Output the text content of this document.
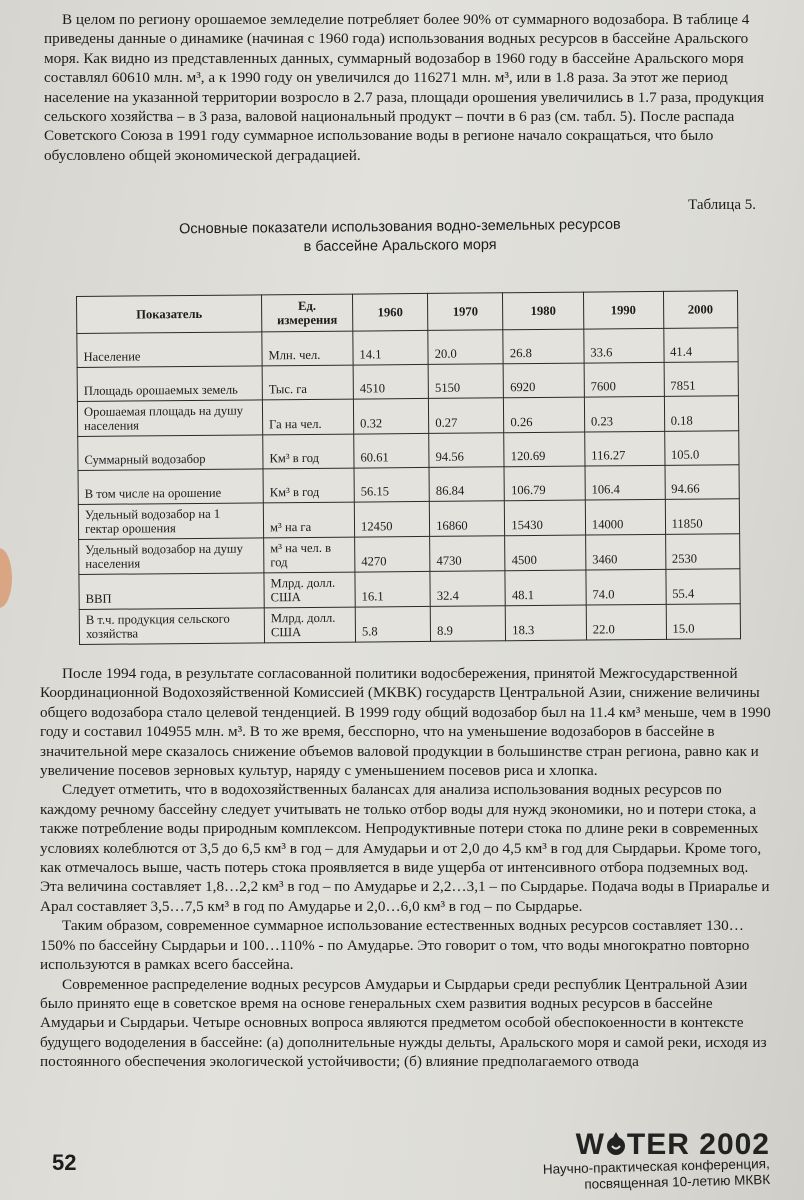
В целом по региону орошаемое земледелие потребляет более 90% от суммарного водозабора. В таблице 4 приведены данные о динамике (начиная с 1960 года) использования водных ресурсов в бассейне Аральского моря. Как видно из представленных данных, суммарный водозабор в 1960 году в бассейне Аральского моря составлял 60610 млн. м³, а к 1990 году он увеличился до 116271 млн. м³, или в 1.8 раза. За этот же период население на указанной территории возросло в 2.7 раза, площади орошения увеличились в 1.7 раза, продукция сельского хозяйства – в 3 раза, валовой национальный продукт – почти в 6 раз (см. табл. 5). После распада Советского Союза в 1991 году суммарное использование воды в регионе начало сокращаться, что было обусловлено общей экономической деградацией.

Таблица 5.
Основные показатели использования водно-земельных ресурсов
в бассейне Аральского моря
Показатель	Ед. измерения	1960	1970	1980	1990	2000
Население	Млн. чел.	14.1	20.0	26.8	33.6	41.4
Площадь орошаемых земель	Тыс. га	4510	5150	6920	7600	7851
Орошаемая площадь на душу населения	Га на чел.	0.32	0.27	0.26	0.23	0.18
Суммарный водозабор	Км³ в год	60.61	94.56	120.69	116.27	105.0
В том числе на орошение	Км³ в год	56.15	86.84	106.79	106.4	94.66
Удельный водозабор на 1 гектар орошения	м³ на га	12450	16860	15430	14000	11850
Удельный водозабор на душу населения	м³ на чел. в год	4270	4730	4500	3460	2530
ВВП	Млрд. долл. США	16.1	32.4	48.1	74.0	55.4
В т.ч. продукция сельского хозяйства	Млрд. долл. США	5.8	8.9	18.3	22.0	15.0
После 1994 года, в результате согласованной политики водосбережения, принятой Межгосударственной Координационной Водохозяйственной Комиссией (МКВК) государств Центральной Азии, снижение величины общего водозабора стало целевой тенденцией. В 1999 году общий водозабор был на 11.4 км³ меньше, чем в 1990 году и составил 104955 млн. м³. В то же время, бесспорно, что на уменьшение водозаборов в бассейне в значительной мере сказалось снижение объемов валовой продукции в большинстве стран региона, равно как и увеличение посевов зерновых культур, наряду с уменьшением посевов риса и хлопка.
Следует отметить, что в водохозяйственных балансах для анализа использования водных ресурсов по каждому речному бассейну следует учитывать не только отбор воды для нужд экономики, но и потери стока, а также потребление воды природным комплексом. Непродуктивные потери стока по длине реки в современных условиях колеблются от 3,5 до 6,5 км³ в год – для Амударьи и от 2,0 до 4,5 км³ в год для Сырдарьи. Кроме того, как отмечалось выше, часть потерь стока проявляется в виде ущерба от интенсивного отбора подземных вод. Эта величина составляет 1,8…2,2 км³ в год – по Амударье и 2,2…3,1 – по Сырдарье. Подача воды в Приаралье и Арал составляет 3,5…7,5 км³ в год по Амударье и 2,0…6,0 км³ в год – по Сырдарье.
Таким образом, современное суммарное использование естественных водных ресурсов составляет 130…150% по бассейну Сырдарьи и 100…110% - по Амударье. Это говорит о том, что воды многократно повторно используются в рамках всего бассейна.
Современное распределение водных ресурсов Амударьи и Сырдарьи среди республик Центральной Азии было принято еще в советское время на основе генеральных схем развития водных ресурсов в бассейне Амударьи и Сырдарьи. Четыре основных вопроса являются предметом особой обеспокоенности в контексте будущего вододеления в бассейне: (а) дополнительные нужды дельты, Аральского моря и самой реки, исходя из постоянного обеспечения экологической устойчивости; (б) влияние предполагаемого отвода
52
W TER 2002
Научно-практическая конференция,
посвященная 10-летию МКВК
